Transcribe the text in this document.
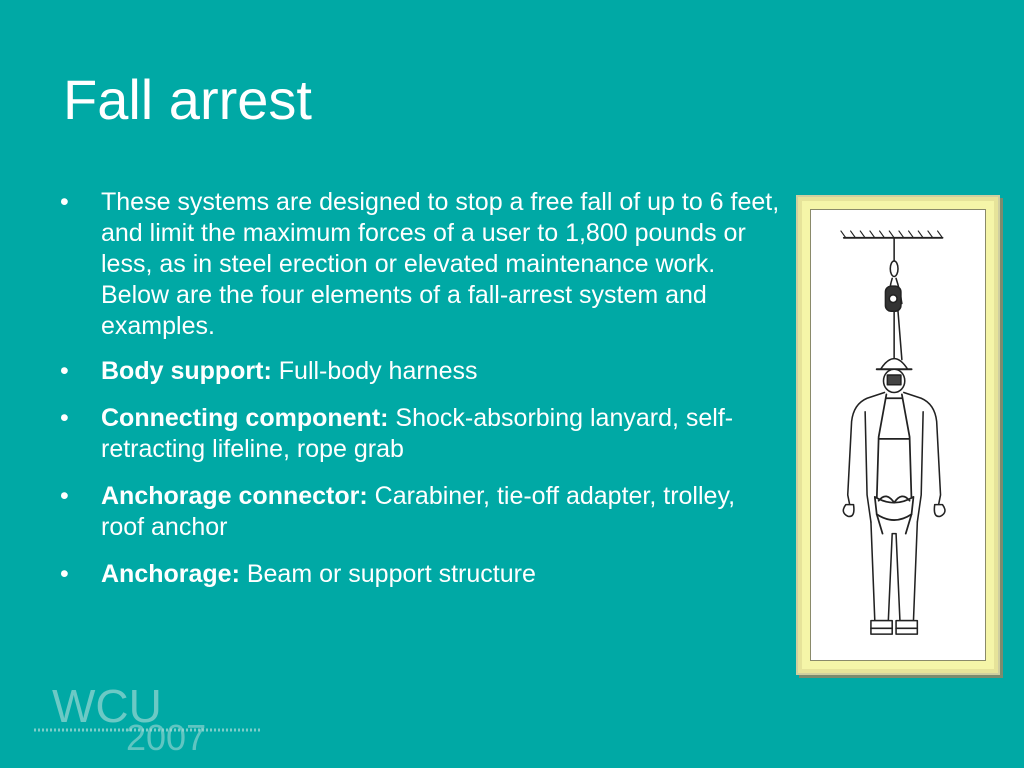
Fall arrest
• These systems are designed to stop a free fall of up to 6 feet, and limit the maximum forces of a user to 1,800 pounds or less, as in steel erection or elevated maintenance work. Below are the four elements of a fall-arrest system and examples.
• Body support: Full-body harness
• Connecting component: Shock-absorbing lanyard, self-retracting lifeline, rope grab
• Anchorage connector: Carabiner, tie-off adapter, trolley, roof anchor
• Anchorage: Beam or support structure
WCU
2007
